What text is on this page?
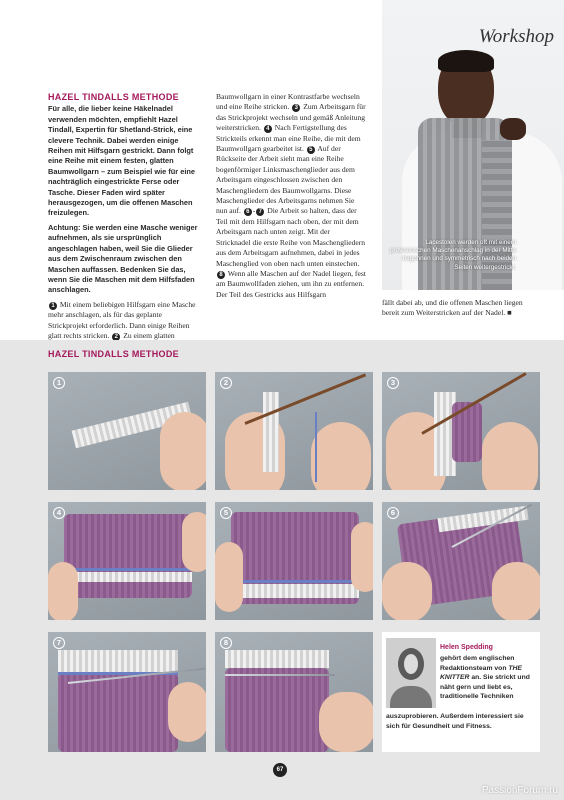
HAZEL TINDALLS METHODE

Für alle, die lieber keine Häkelnadel verwenden möchten, empfiehlt Hazel Tindall, Expertin für Shetland-Strick, eine clevere Technik. Dabei werden einige Reihen mit Hilfsgarn gestrickt. Dann folgt eine Reihe mit einem festen, glatten Baumwollgarn – zum Beispiel wie für eine nachträglich eingestrickte Ferse oder Tasche. Dieser Faden wird später herausgezogen, um die offenen Maschen freizulegen.

Achtung: Sie werden eine Masche weniger aufnehmen, als sie ursprünglich angeschlagen haben, weil Sie die Glieder aus dem Zwischenraum zwischen den Maschen auffassen. Bedenken Sie das, wenn Sie die Maschen mit dem Hilfsfaden anschlagen.

1 Mit einem beliebigen Hilfsgarn eine Masche mehr anschlagen, als für das geplante Strickprojekt erforderlich. Dann einige Reihen glatt rechts stricken. 2 Zu einem glatten

Baumwollgarn in einer Kontrastfarbe wechseln und eine Reihe stricken. 3 Zum Arbeitsgarn für das Strickprojekt wechseln und gemäß Anleitung weiterstricken. 4 Nach Fertigstellung des Strickteils erkennt man eine Reihe, die mit dem Baumwollgarn gearbeitet ist. 5 Auf der Rückseite der Arbeit sieht man eine Reihe bogenförmiger Linksmaschenglieder aus dem Arbeitsgarn eingeschlossen zwischen den Maschengliedern des Baumwollgarns. Diese Maschenglieder des Arbeitsgarns nehmen Sie nun auf. 6 - 7 Die Arbeit so halten, dass der Teil mit dem Hilfsgarn nach oben, der mit dem Arbeitsgarn nach unten zeigt. Mit der Stricknadel die erste Reihe von Maschengliedern aus dem Arbeitsgarn aufnehmen, dabei in jedes Maschenglied von oben nach unten einstechen. 8 Wenn alle Maschen auf der Nadel liegen, fest am Baumwollfaden ziehen, um ihn zu entfernen. Der Teil des Gestricks aus Hilfsgarn

Workshop
Lacestolen werden oft mit einem provisorischen Maschenanschlag in der Mitte begonnen und symmetrisch nach beiden Seiten weitergestrickt.

fällt dabei ab, und die offenen Maschen liegen bereit zum Weiterstricken auf der Nadel. ■

HAZEL TINDALLS METHODE
1	2	3
4	5	6
7	8
Helen Spedding
gehört dem englischen Redaktionsteam von THE KNITTER an. Sie strickt und näht gern und liebt es, traditionelle Techniken
auszuprobieren. Außerdem interessiert sie sich für Gesundheit und Fitness.
67
PassionForum.ru
